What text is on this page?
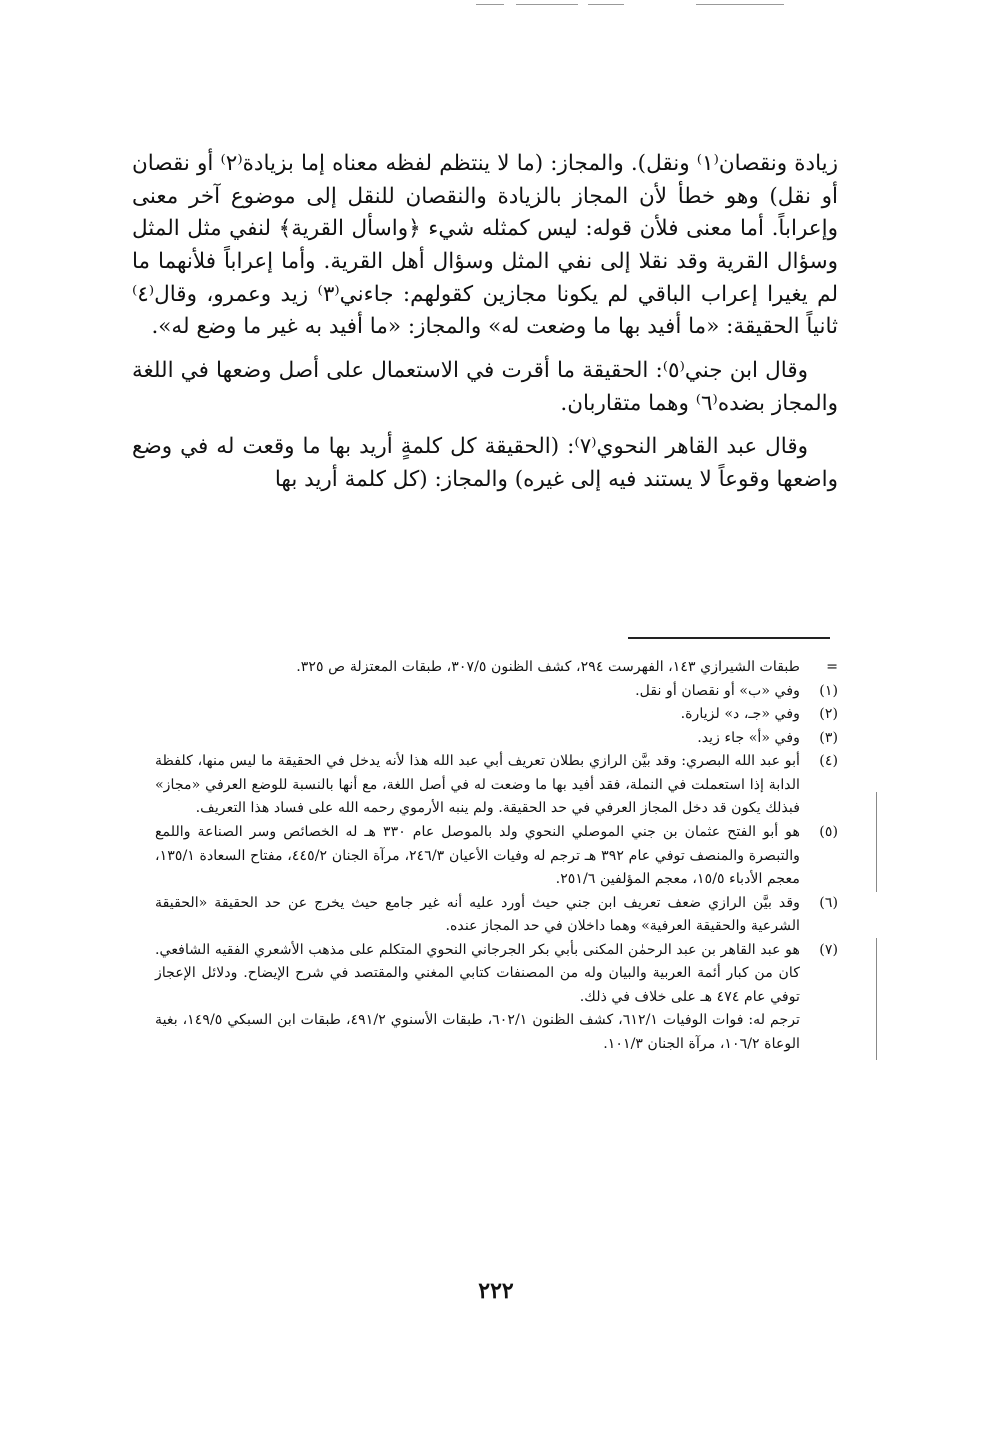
زيادة ونقصان⁽١⁾ ونقل). والمجاز: (ما لا ينتظم لفظه معناه إما بزيادة⁽٢⁾ أو نقصان أو نقل) وهو خطأ لأن المجاز بالزيادة والنقصان للنقل إلى موضوع آخر معنى وإعراباً. أما معنى فلأن قوله: ليس كمثله شيء ﴿واسأل القرية﴾ لنفي مثل المثل وسؤال القرية وقد نقلا إلى نفي المثل وسؤال أهل القرية. وأما إعراباً فلأنهما ما لم يغيرا إعراب الباقي لم يكونا مجازين كقولهم: جاءني⁽٣⁾ زيد وعمرو، وقال⁽٤⁾ ثانياً الحقيقة: «ما أفيد بها ما وضعت له» والمجاز: «ما أفيد به غير ما وضع له».

وقال ابن جني⁽٥⁾: الحقيقة ما أقرت في الاستعمال على أصل وضعها في اللغة والمجاز بضده⁽٦⁾ وهما متقاربان.

وقال عبد القاهر النحوي⁽٧⁾: (الحقيقة كل كلمةٍ أريد بها ما وقعت له في وضع واضعها وقوعاً لا يستند فيه إلى غيره) والمجاز: (كل كلمة أريد بها

=
طبقات الشيرازي ١٤٣، الفهرست ٢٩٤، كشف الظنون ٣٠٧/٥، طبقات المعتزلة ص ٣٢٥.

(١)
وفي «ب» أو نقصان أو نقل.

(٢)
وفي «جـ، د» لزيارة.

(٣)
وفي «أ» جاء زيد.

(٤)
أبو عبد الله البصري: وقد بيَّن الرازي بطلان تعريف أبي عبد الله هذا لأنه يدخل في الحقيقة ما ليس منها، كلفظة الدابة إذا استعملت في النملة، فقد أفيد بها ما وضعت له في أصل اللغة، مع أنها بالنسبة للوضع العرفي «مجاز» فبذلك يكون قد دخل المجاز العرفي في حد الحقيقة. ولم ينبه الأرموي رحمه الله على فساد هذا التعريف.

(٥)
هو أبو الفتح عثمان بن جني الموصلي النحوي ولد بالموصل عام ٣٣٠ هـ له الخصائص وسر الصناعة واللمع والتبصرة والمنصف توفي عام ٣٩٢ هـ ترجم له وفيات الأعيان ٢٤٦/٣، مرآة الجنان ٤٤٥/٢، مفتاح السعادة ١٣٥/١، معجم الأدباء ١٥/٥، معجم المؤلفين ٢٥١/٦.

(٦)
وقد بيَّن الرازي ضعف تعريف ابن جني حيث أورد عليه أنه غير جامع حيث يخرج عن حد الحقيقة «الحقيقة الشرعية والحقيقة العرفية» وهما داخلان في حد المجاز عنده.

(٧)
هو عبد القاهر بن عبد الرحمٰن المكنى بأبي بكر الجرجاني النحوي المتكلم على مذهب الأشعري الفقيه الشافعي. كان من كبار أئمة العربية والبيان وله من المصنفات كتابي المغني والمقتصد في شرح الإيضاح. ودلائل الإعجاز توفي عام ٤٧٤ هـ على خلاف في ذلك.

ترجم له: فوات الوفيات ٦١٢/١، كشف الظنون ٦٠٢/١، طبقات الأسنوي ٤٩١/٢، طبقات ابن السبكي ١٤٩/٥، بغية الوعاة ١٠٦/٢، مرآة الجنان ١٠١/٣.

٢٢٢
